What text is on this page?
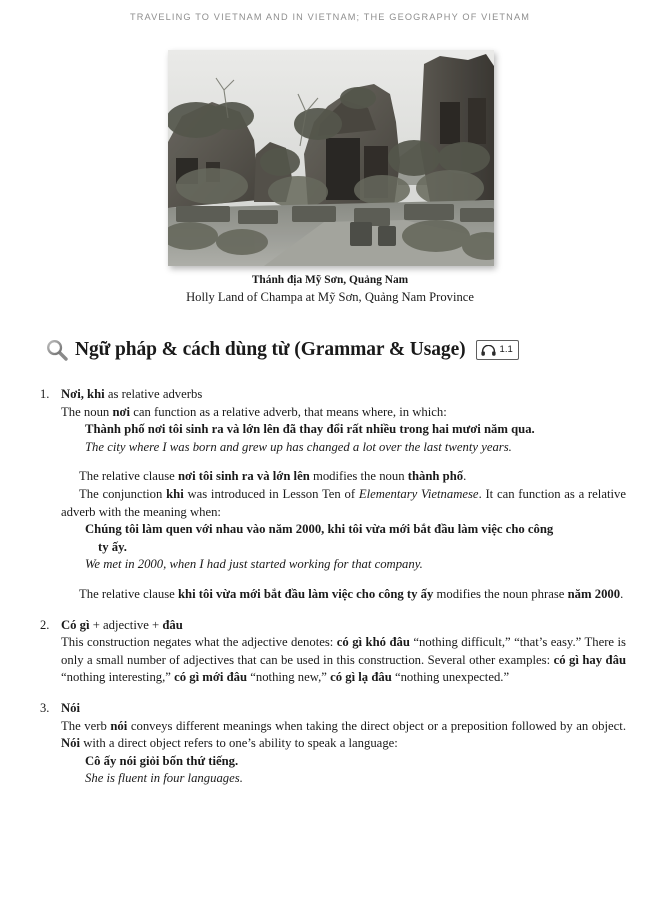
TRAVELING TO VIETNAM AND IN VIETNAM; THE GEOGRAPHY OF VIETNAM
Thánh địa Mỹ Sơn, Quảng Nam
Holly Land of Champa at Mỹ Sơn, Quảng Nam Province
Ngữ pháp & cách dùng từ (Grammar & Usage)	1.1
1. Nơi, khi as relative adverbs

The noun nơi can function as a relative adverb, that means where, in which:

Thành phố nơi tôi sinh ra và lớn lên đã thay đổi rất nhiều trong hai mươi năm qua.

The city where I was born and grew up has changed a lot over the last twenty years.

The relative clause nơi tôi sinh ra và lớn lên modifies the noun thành phố.

The conjunction khi was introduced in Lesson Ten of Elementary Vietnamese. It can function as a relative adverb with the meaning when:

Chúng tôi làm quen với nhau vào năm 2000, khi tôi vừa mới bắt đầu làm việc cho công
ty ấy.

We met in 2000, when I had just started working for that company.

The relative clause khi tôi vừa mới bắt đầu làm việc cho công ty ấy modifies the noun phrase năm 2000.

2. Có gì + adjective + đâu

This construction negates what the adjective denotes: có gì khó đâu “nothing difficult,” “that’s easy.” There is only a small number of adjectives that can be used in this construction. Several other examples: có gì hay đâu “nothing interesting,” có gì mới đâu “nothing new,” có gì lạ đâu “nothing unexpected.”

3. Nói

The verb nói conveys different meanings when taking the direct object or a preposition followed by an object. Nói with a direct object refers to one’s ability to speak a language:

Cô ấy nói giỏi bốn thứ tiếng.

She is fluent in four languages.
